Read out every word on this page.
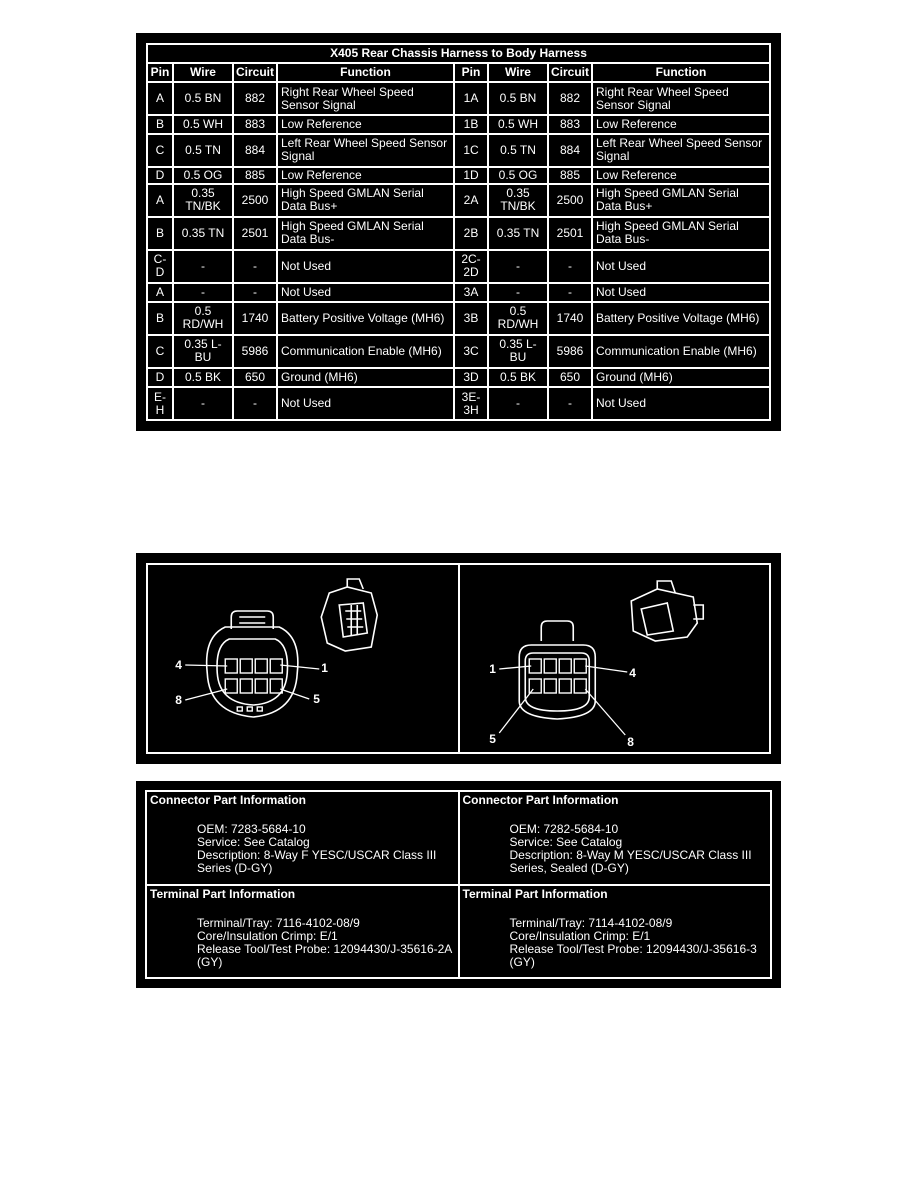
X405 Rear Chassis Harness to Body Harness							
Pin	Wire	Circuit	Function	Pin	Wire	Circuit	Function
A	0.5 BN	882	Right Rear Wheel Speed Sensor Signal	1A	0.5 BN	882	Right Rear Wheel Speed Sensor Signal
B	0.5 WH	883	Low Reference	1B	0.5 WH	883	Low Reference
C	0.5 TN	884	Left Rear Wheel Speed Sensor Signal	1C	0.5 TN	884	Left Rear Wheel Speed Sensor Signal
D	0.5 OG	885	Low Reference	1D	0.5 OG	885	Low Reference
A	0.35 TN/BK	2500	High Speed GMLAN Serial Data Bus+	2A	0.35 TN/BK	2500	High Speed GMLAN Serial Data Bus+
B	0.35 TN	2501	High Speed GMLAN Serial Data Bus-	2B	0.35 TN	2501	High Speed GMLAN Serial Data Bus-
C-D	-	-	Not Used	2C-2D	-	-	Not Used
A	-	-	Not Used	3A	-	-	Not Used
B	0.5 RD/WH	1740	Battery Positive Voltage (MH6)	3B	0.5 RD/WH	1740	Battery Positive Voltage (MH6)
C	0.35 L-BU	5986	Communication Enable (MH6)	3C	0.35 L-BU	5986	Communication Enable (MH6)
D	0.5 BK	650	Ground (MH6)	3D	0.5 BK	650	Ground (MH6)
E-H	-	-	Not Used	3E-3H	-	-	Not Used
4	1
8	5
1	4
5	8
Connector Part Information
OEM: 7283-5684-10
Service: See Catalog
Description: 8-Way F YESC/USCAR Class III Series (D-GY)
Connector Part Information
OEM: 7282-5684-10
Service: See Catalog
Description: 8-Way M YESC/USCAR Class III Series, Sealed (D-GY)
Terminal Part Information
Terminal/Tray: 7116-4102-08/9
Core/Insulation Crimp: E/1
Release Tool/Test Probe: 12094430/J-35616-2A (GY)
Terminal Part Information
Terminal/Tray: 7114-4102-08/9
Core/Insulation Crimp: E/1
Release Tool/Test Probe: 12094430/J-35616-3 (GY)
